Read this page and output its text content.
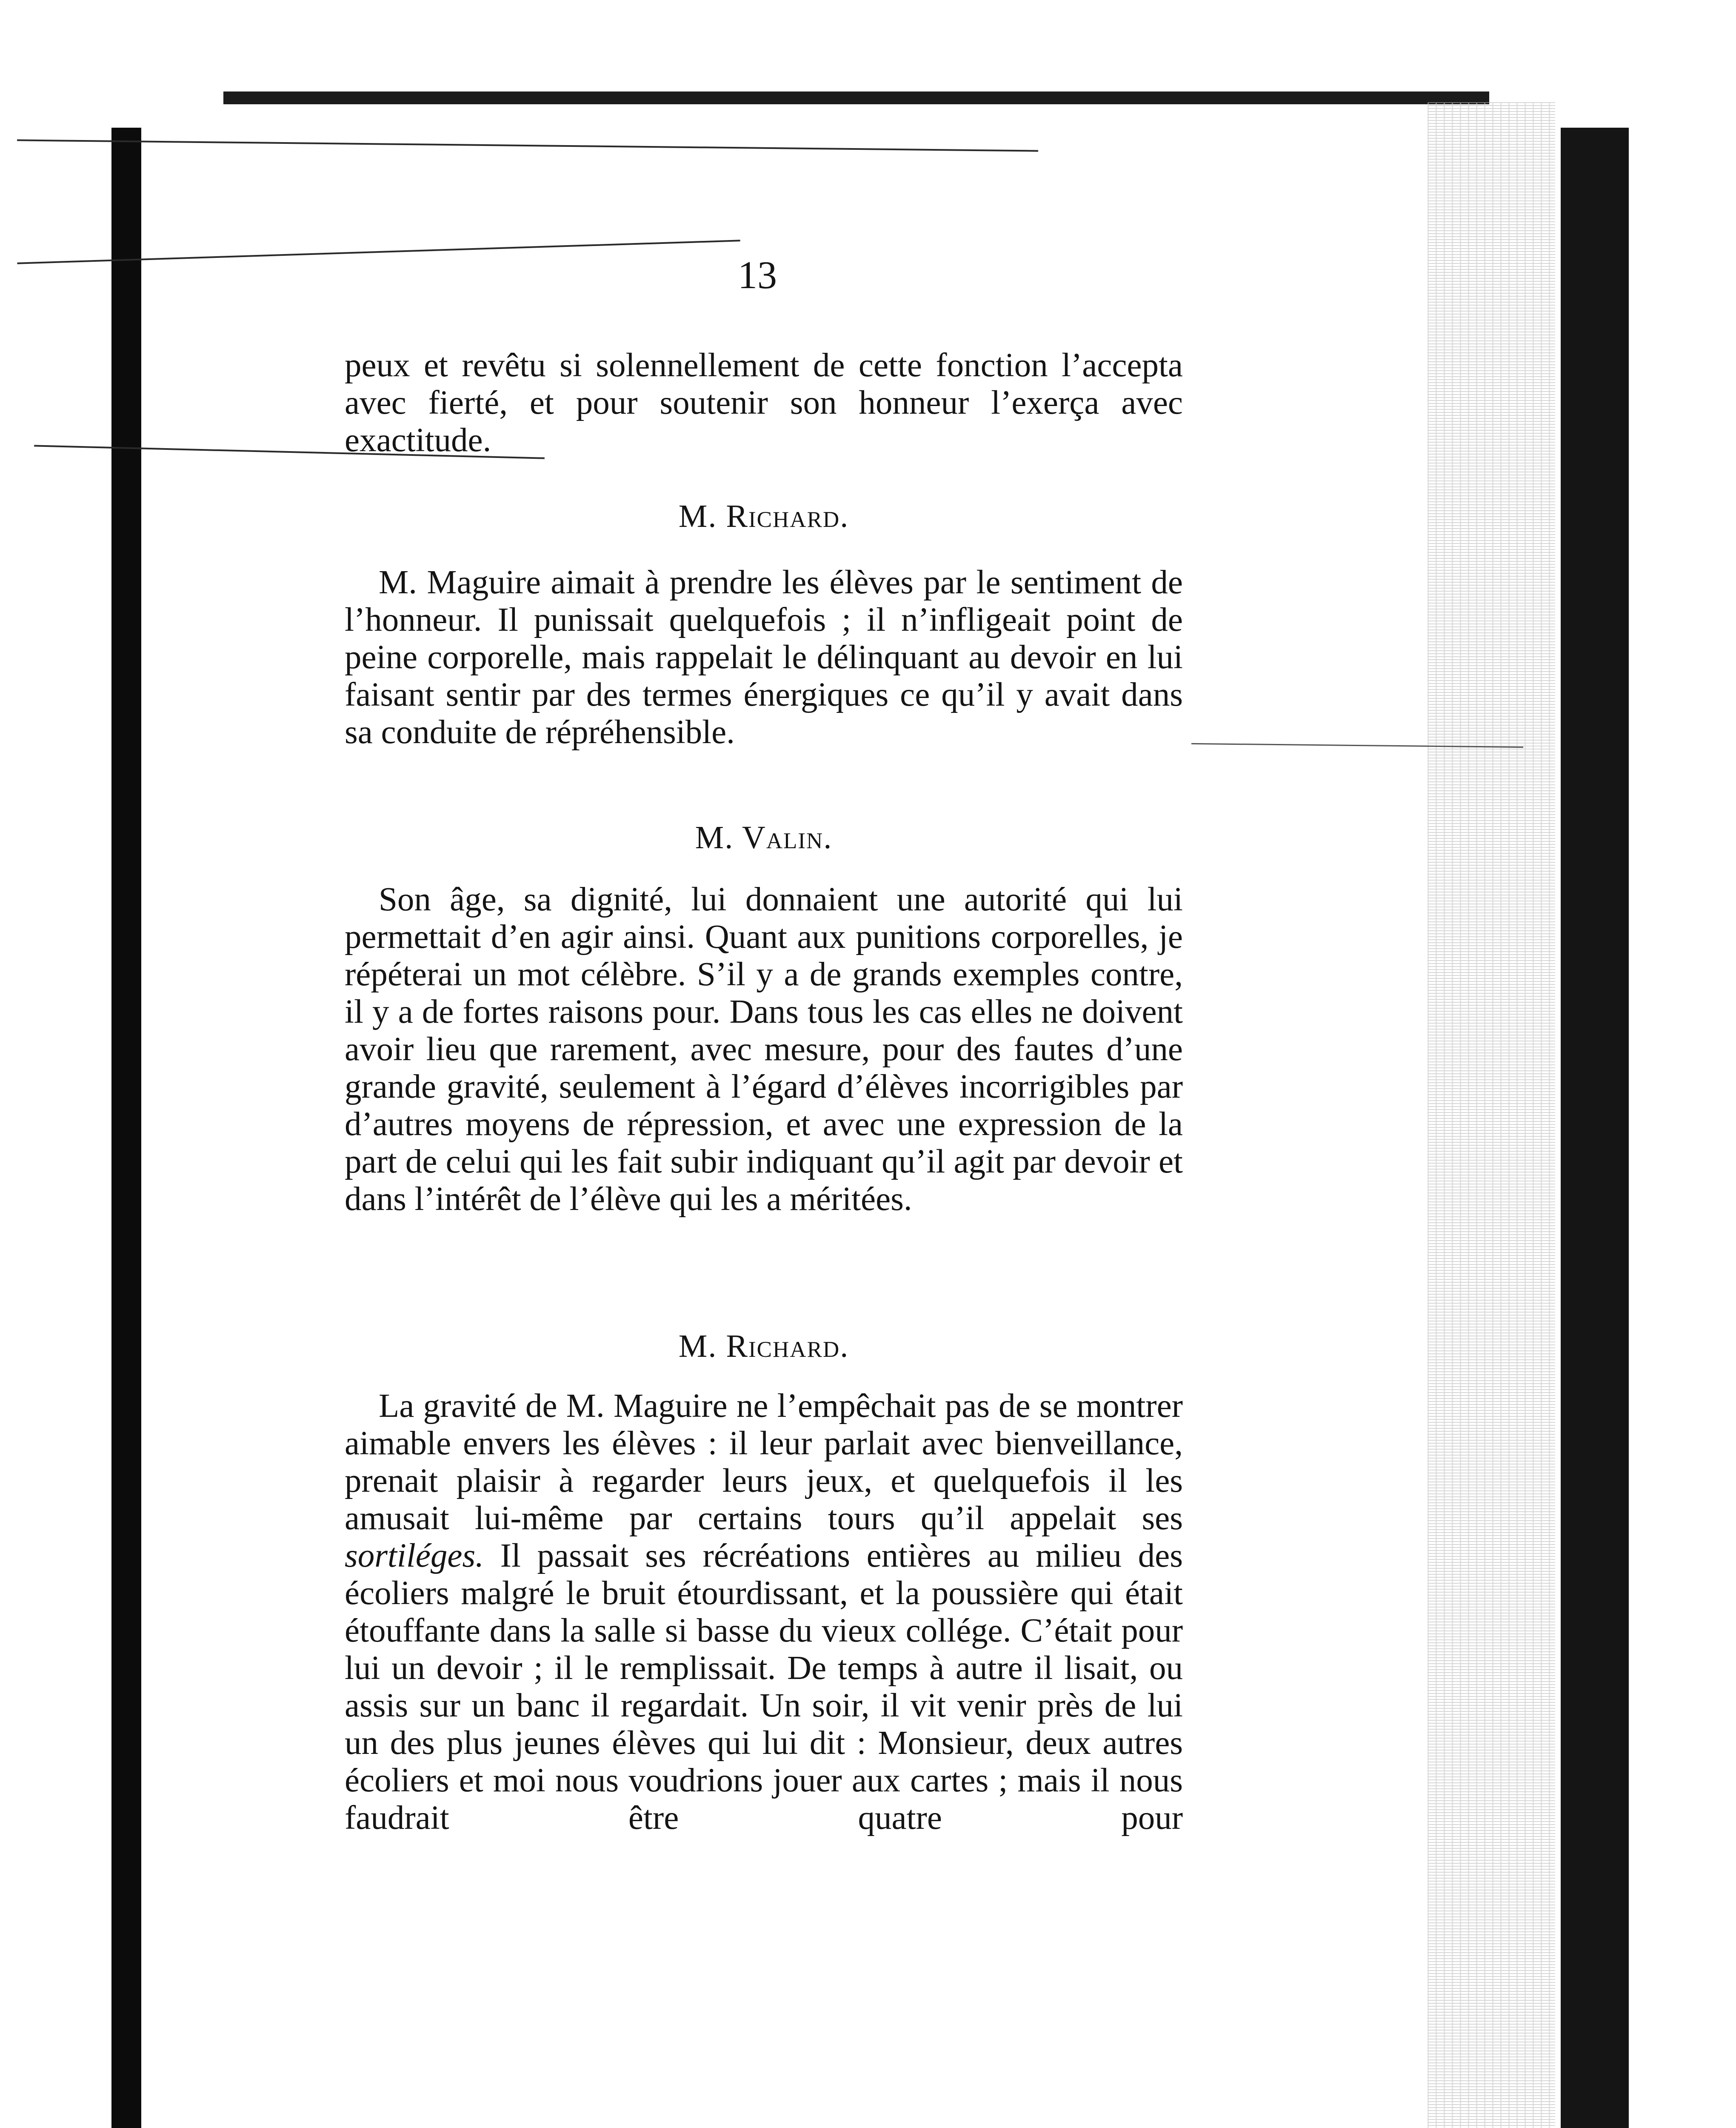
13

peux et revêtu si solennellement de cette fonction l’accepta avec fierté, et pour soutenir son honneur l’exerça avec exactitude.

M. Richard.

M. Maguire aimait à prendre les élèves par le sentiment de l’honneur. Il punissait quelquefois ; il n’infligeait point de peine corporelle, mais rappelait le délinquant au devoir en lui faisant sentir par des termes énergiques ce qu’il y avait dans sa conduite de répréhensible.

M. Valin.

Son âge, sa dignité, lui donnaient une autorité qui lui permettait d’en agir ainsi. Quant aux punitions corporelles, je répéterai un mot célèbre. S’il y a de grands exemples contre, il y a de fortes raisons pour. Dans tous les cas elles ne doivent avoir lieu que rarement, avec mesure, pour des fautes d’une grande gravité, seulement à l’égard d’élèves incorrigibles par d’autres moyens de répression, et avec une expression de la part de celui qui les fait subir indiquant qu’il agit par devoir et dans l’intérêt de l’élève qui les a méritées.

M. Richard.

La gravité de M. Maguire ne l’empêchait pas de se montrer aimable envers les élèves : il leur parlait avec bienveillance, prenait plaisir à regarder leurs jeux, et quelquefois il les amusait lui-même par certains tours qu’il appelait ses sortiléges. Il passait ses récréations entières au milieu des écoliers malgré le bruit étourdissant, et la poussière qui était étouffante dans la salle si basse du vieux collége. C’était pour lui un devoir ; il le remplissait. De temps à autre il lisait, ou assis sur un banc il regardait. Un soir, il vit venir près de lui un des plus jeunes élèves qui lui dit : Monsieur, deux autres écoliers et moi nous voudrions jouer aux cartes ; mais il nous faudrait être quatre pour
